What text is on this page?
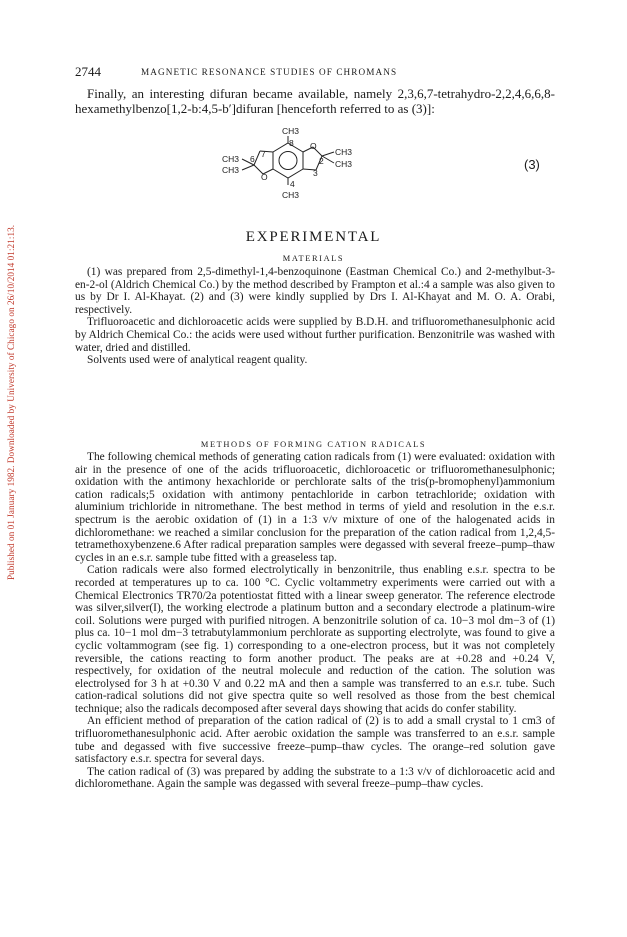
Published on 01 January 1982. Downloaded by University of Chicago on 26/10/2014 01:21:13.
2744	MAGNETIC RESONANCE STUDIES OF CHROMANS

Finally, an interesting difuran became available, namely 2,3,6,7-tetrahydro-2,2,4,6,6,8-hexamethylbenzo[1,2-b:4,5-b′]difuran [henceforth referred to as (3)]:

CH3
8 O
2
CH3
CH3
3
CH3
CH3
6 7
O
4
CH3
(3)
EXPERIMENTAL
MATERIALS

(1) was prepared from 2,5-dimethyl-1,4-benzoquinone (Eastman Chemical Co.) and 2-methylbut-3-en-2-ol (Aldrich Chemical Co.) by the method described by Frampton et al.:4 a sample was also given to us by Dr I. Al-Khayat. (2) and (3) were kindly supplied by Drs I. Al-Khayat and M. O. A. Orabi, respectively.

Trifluoroacetic and dichloroacetic acids were supplied by B.D.H. and trifluoromethanesulphonic acid by Aldrich Chemical Co.: the acids were used without further purification. Benzonitrile was washed with water, dried and distilled.

Solvents used were of analytical reagent quality.

METHODS OF FORMING CATION RADICALS

The following chemical methods of generating cation radicals from (1) were evaluated: oxidation with air in the presence of one of the acids trifluoroacetic, dichloroacetic or trifluoromethanesulphonic; oxidation with the antimony hexachloride or perchlorate salts of the tris(p-bromophenyl)ammonium cation radicals;5 oxidation with antimony pentachloride in carbon tetrachloride; oxidation with aluminium trichloride in nitromethane. The best method in terms of yield and resolution in the e.s.r. spectrum is the aerobic oxidation of (1) in a 1:3 v/v mixture of one of the halogenated acids in dichloromethane: we reached a similar conclusion for the preparation of the cation radical from 1,2,4,5-tetramethoxybenzene.6 After radical preparation samples were degassed with several freeze–pump–thaw cycles in an e.s.r. sample tube fitted with a greaseless tap.

Cation radicals were also formed electrolytically in benzonitrile, thus enabling e.s.r. spectra to be recorded at temperatures up to ca. 100 °C. Cyclic voltammetry experiments were carried out with a Chemical Electronics TR70/2a potentiostat fitted with a linear sweep generator. The reference electrode was silver,silver(I), the working electrode a platinum button and a secondary electrode a platinum-wire coil. Solutions were purged with purified nitrogen. A benzonitrile solution of ca. 10−3 mol dm−3 of (1) plus ca. 10−1 mol dm−3 tetrabutylammonium perchlorate as supporting electrolyte, was found to give a cyclic voltammogram (see fig. 1) corresponding to a one-electron process, but it was not completely reversible, the cations reacting to form another product. The peaks are at +0.28 and +0.24 V, respectively, for oxidation of the neutral molecule and reduction of the cation. The solution was electrolysed for 3 h at +0.30 V and 0.22 mA and then a sample was transferred to an e.s.r. tube. Such cation-radical solutions did not give spectra quite so well resolved as those from the best chemical technique; also the radicals decomposed after several days showing that acids do confer stability.

An efficient method of preparation of the cation radical of (2) is to add a small crystal to 1 cm3 of trifluoromethanesulphonic acid. After aerobic oxidation the sample was transferred to an e.s.r. sample tube and degassed with five successive freeze–pump–thaw cycles. The orange–red solution gave satisfactory e.s.r. spectra for several days.

The cation radical of (3) was prepared by adding the substrate to a 1:3 v/v of dichloroacetic acid and dichloromethane. Again the sample was degassed with several freeze–pump–thaw cycles.
